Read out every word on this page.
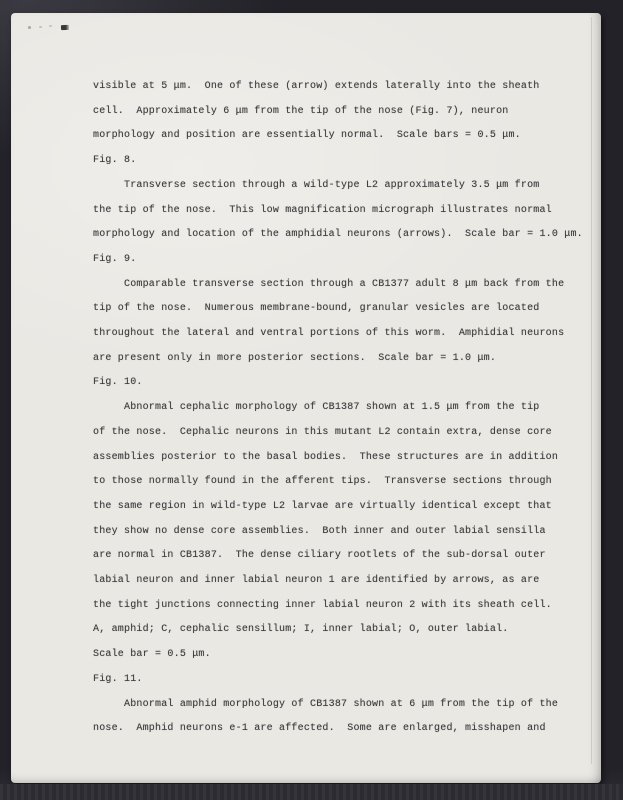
visible at 5 μm.  One of these (arrow) extends laterally into the sheath
cell.  Approximately 6 μm from the tip of the nose (Fig. 7), neuron
morphology and position are essentially normal.  Scale bars = 0.5 μm.
Fig. 8.
Transverse section through a wild-type L2 approximately 3.5 μm from
the tip of the nose.  This low magnification micrograph illustrates normal
morphology and location of the amphidial neurons (arrows).  Scale bar = 1.0 μm.
Fig. 9.
Comparable transverse section through a CB1377 adult 8 μm back from the
tip of the nose.  Numerous membrane-bound, granular vesicles are located
throughout the lateral and ventral portions of this worm.  Amphidial neurons
are present only in more posterior sections.  Scale bar = 1.0 μm.
Fig. 10.
Abnormal cephalic morphology of CB1387 shown at 1.5 μm from the tip
of the nose.  Cephalic neurons in this mutant L2 contain extra, dense core
assemblies posterior to the basal bodies.  These structures are in addition
to those normally found in the afferent tips.  Transverse sections through
the same region in wild-type L2 larvae are virtually identical except that
they show no dense core assemblies.  Both inner and outer labial sensilla
are normal in CB1387.  The dense ciliary rootlets of the sub-dorsal outer
labial neuron and inner labial neuron 1 are identified by arrows, as are
the tight junctions connecting inner labial neuron 2 with its sheath cell.
A, amphid; C, cephalic sensillum; I, inner labial; O, outer labial.
Scale bar = 0.5 μm.
Fig. 11.
Abnormal amphid morphology of CB1387 shown at 6 μm from the tip of the
nose.  Amphid neurons e-1 are affected.  Some are enlarged, misshapen and
